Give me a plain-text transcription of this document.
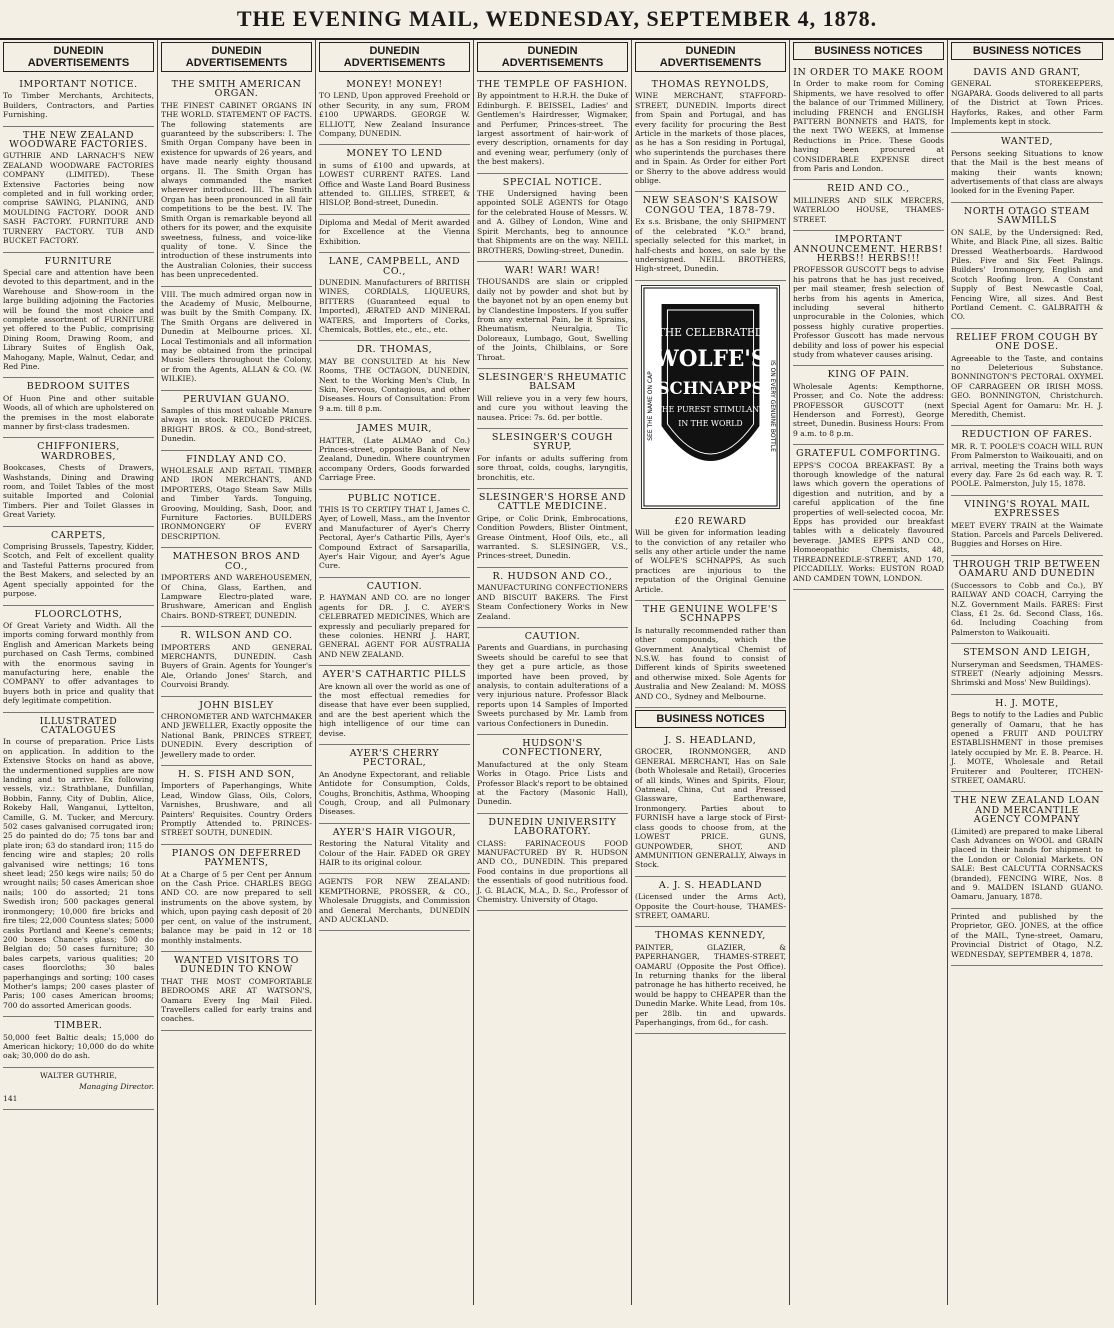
THE EVENING MAIL, WEDNESDAY, SEPTEMBER 4, 1878.
DUNEDIN ADVERTISEMENTS
IMPORTANT NOTICE.

To Timber Merchants, Architects, Builders, Contractors, and Parties Furnishing.

THE NEW ZEALAND WOODWARE FACTORIES.

GUTHRIE AND LARNACH'S NEW ZEALAND WOODWARE FACTORIES COMPANY (LIMITED). These Extensive Factories being now completed and in full working order, comprise SAWING, PLANING, AND MOULDING FACTORY. DOOR AND SASH FACTORY. FURNITURE AND TURNERY FACTORY. TUB AND BUCKET FACTORY.

FURNITURE

Special care and attention have been devoted to this department, and in the Warehouse and Show-room in the large building adjoining the Factories will be found the most choice and complete assortment of FURNITURE yet offered to the Public, comprising Dining Room, Drawing Room, and Library Suites of English Oak, Mahogany, Maple, Walnut, Cedar, and Red Pine.

BEDROOM SUITES

Of Huon Pine and other suitable Woods, all of which are upholstered on the premises in the most elaborate manner by first-class tradesmen.

CHIFFONIERS, WARDROBES,

Bookcases, Chests of Drawers, Washstands, Dining and Drawing room, and Toilet Tables of the most suitable Imported and Colonial Timbers. Pier and Toilet Glasses in Great Variety.

CARPETS,

Comprising Brussels, Tapestry, Kidder, Scotch, and Felt of excellent quality and Tasteful Patterns procured from the Best Makers, and selected by an Agent specially appointed for the purpose.

FLOORCLOTHS,

Of Great Variety and Width. All the imports coming forward monthly from English and American Markets being purchased on Cash Terms, combined with the enormous saving in manufacturing here, enable the COMPANY to offer advantages to buyers both in price and quality that defy legitimate competition.

ILLUSTRATED CATALOGUES

In course of preparation. Price Lists on application. In addition to the Extensive Stocks on hand as above, the undermentioned supplies are now landing and to arrive. Ex following vessels, viz.: Strathblane, Dunfillan, Bobbin, Fanny, City of Dublin, Alice, Rokeby Hall, Wanganui, Lyttelton, Camille, G. M. Tucker, and Mercury. 502 cases galvanised corrugated iron; 25 do painted do do; 75 tons bar and plate iron; 63 do standard iron; 115 do fencing wire and staples; 20 rolls galvanised wire nettings; 16 tons sheet lead; 250 kegs wire nails; 50 do wrought nails; 50 cases American shoe nails; 100 do assorted; 21 tons Swedish iron; 500 packages general ironmongery; 10,000 fire bricks and fire tiles; 22,000 Countess slates; 5000 casks Portland and Keene's cements; 200 boxes Chance's glass; 500 do Belgian do; 50 cases furniture; 30 bales carpets, various qualities; 20 cases floorcloths; 30 bales paperhangings and sorting; 100 cases Mother's lamps; 200 cases plaster of Paris; 100 cases American brooms; 700 do assorted American goods.

TIMBER.

50,000 feet Baltic deals; 15,000 do American hickory; 10,000 do do white oak; 30,000 do do ash.

WALTER GUTHRIE,

Managing Director.

141

DUNEDIN ADVERTISEMENTS
THE SMITH AMERICAN ORGAN.

THE FINEST CABINET ORGANS IN THE WORLD. STATEMENT OF FACTS. The following statements are guaranteed by the subscribers: I. The Smith Organ Company have been in existence for upwards of 26 years, and have made nearly eighty thousand organs. II. The Smith Organ has always commanded the market wherever introduced. III. The Smith Organ has been pronounced in all fair competitions to be the best. IV. The Smith Organ is remarkable beyond all others for its power, and the exquisite sweetness, fulness, and voice-like quality of tone. V. Since the introduction of these instruments into the Australian Colonies, their success has been unprecedented.

VIII. The much admired organ now in the Academy of Music, Melbourne, was built by the Smith Company. IX. The Smith Organs are delivered in Dunedin at Melbourne prices. XI. Local Testimonials and all information may be obtained from the principal Music Sellers throughout the Colony, or from the Agents, ALLAN & CO. (W. WILKIE).

PERUVIAN GUANO.

Samples of this most valuable Manure always in stock. REDUCED PRICES. BRIGHT BROS. & CO., Bond-street, Dunedin.

FINDLAY AND CO.

WHOLESALE AND RETAIL TIMBER AND IRON MERCHANTS, AND IMPORTERS, Otago Steam Saw Mills and Timber Yards. Tonguing, Grooving, Moulding, Sash, Door, and Furniture Factories. BUILDERS IRONMONGERY OF EVERY DESCRIPTION.

MATHESON BROS AND CO.,

IMPORTERS AND WAREHOUSEMEN, Of China, Glass, Earthen, and Lampware Electro-plated ware, Brushware, American and English Chairs. BOND-STREET, DUNEDIN.

R. WILSON AND CO.

IMPORTERS AND GENERAL MERCHANTS, DUNEDIN. Cash Buyers of Grain. Agents for Younger's Ale, Orlando Jones' Starch, and Courvoisi Brandy.

JOHN BISLEY

CHRONOMETER AND WATCHMAKER AND JEWELLER, Exactly opposite the National Bank, PRINCES STREET, DUNEDIN. Every description of Jewellery made to order.

H. S. FISH AND SON,

Importers of Paperhangings, White Lead, Window Glass, Oils, Colors, Varnishes, Brushware, and all Painters' Requisites. Country Orders Promptly Attended to. PRINCES-STREET SOUTH, DUNEDIN.

PIANOS ON DEFERRED PAYMENTS,

At a Charge of 5 per Cent per Annum on the Cash Price. CHARLES BEGG AND CO. are now prepared to sell instruments on the above system, by which, upon paying cash deposit of 20 per cent, on value of the instrument, balance may be paid in 12 or 18 monthly instalments.

WANTED VISITORS TO DUNEDIN TO KNOW

THAT THE MOST COMFORTABLE BEDROOMS ARE AT WATSON'S, Oamaru Every Ing Mail Filed. Travellers called for early trains and coaches.

DUNEDIN ADVERTISEMENTS
MONEY! MONEY!

TO LEND, Upon approved Freehold or other Security, in any sum, FROM £100 UPWARDS. GEORGE W. ELLIOTT, New Zealand Insurance Company, DUNEDIN.

MONEY TO LEND

in sums of £100 and upwards, at LOWEST CURRENT RATES. Land Office and Waste Land Board Business attended to. GILLIES, STREET, & HISLOP, Bond-street, Dunedin.

Diploma and Medal of Merit awarded for Excellence at the Vienna Exhibition.

LANE, CAMPBELL, AND CO.,

DUNEDIN. Manufacturers of BRITISH WINES, CORDIALS, LIQUEURS, BITTERS (Guaranteed equal to Imported), ÆRATED AND MINERAL WATERS, and Importers of Corks, Chemicals, Bottles, etc., etc., etc.

DR. THOMAS,

MAY BE CONSULTED At his New Rooms, THE OCTAGON, DUNEDIN, Next to the Working Men's Club, In Skin, Nervous, Contagious, and other Diseases. Hours of Consultation: From 9 a.m. till 8 p.m.

JAMES MUIR,

HATTER, (Late ALMAO and Co.) Princes-street, opposite Bank of New Zealand, Dunedin. Where countrymen accompany Orders, Goods forwarded Carriage Free.

PUBLIC NOTICE.

THIS IS TO CERTIFY THAT I, James C. Ayer, of Lowell, Mass., am the Inventor and Manufacturer of Ayer's Cherry Pectoral, Ayer's Cathartic Pills, Ayer's Compound Extract of Sarsaparilla, Ayer's Hair Vigour, and Ayer's Ague Cure.

CAUTION.

P. HAYMAN AND CO. are no longer agents for DR. J. C. AYER'S CELEBRATED MEDICINES, Which are expressly and peculiarly prepared for these colonies. HENRI J. HART, GENERAL AGENT FOR AUSTRALIA AND NEW ZEALAND.

AYER'S CATHARTIC PILLS

Are known all over the world as one of the most effectual remedies for disease that have ever been supplied, and are the best aperient which the high intelligence of our time can devise.

AYER'S CHERRY PECTORAL,

An Anodyne Expectorant, and reliable Antidote for Consumption, Colds, Coughs, Bronchitis, Asthma, Whooping Cough, Croup, and all Pulmonary Diseases.

AYER'S HAIR VIGOUR,

Restoring the Natural Vitality and Colour of the Hair. FADED OR GREY HAIR to its original colour.

AGENTS FOR NEW ZEALAND: KEMPTHORNE, PROSSER, & CO., Wholesale Druggists, and Commission and General Merchants, DUNEDIN AND AUCKLAND.

DUNEDIN ADVERTISEMENTS
THE TEMPLE OF FASHION.

By appointment to H.R.H. the Duke of Edinburgh. F. BEISSEL, Ladies' and Gentlemen's Hairdresser, Wigmaker, and Perfumer, Princes-street. The largest assortment of hair-work of every description, ornaments for day and evening wear, perfumery (only of the best makers).

SPECIAL NOTICE.

THE Undersigned having been appointed SOLE AGENTS for Otago for the celebrated House of Messrs. W. and A. Gilbey of London, Wine and Spirit Merchants, beg to announce that Shipments are on the way. NEILL BROTHERS, Dowling-street, Dunedin.

WAR! WAR! WAR!

THOUSANDS are slain or crippled daily not by powder and shot but by the bayonet not by an open enemy but by Clandestine Imposters. If you suffer from any external Pain, be it Sprains, Rheumatism, Neuralgia, Tic Doloreaux, Lumbago, Gout, Swelling of the Joints, Chilblains, or Sore Throat.

SLESINGER'S RHEUMATIC BALSAM

Will relieve you in a very few hours, and cure you without leaving the nausea. Price: 7s. 6d. per bottle.

SLESINGER'S COUGH SYRUP,

For infants or adults suffering from sore throat, colds, coughs, laryngitis, bronchitis, etc.

SLESINGER'S HORSE AND CATTLE MEDICINE.

Gripe, or Colic Drink, Embrocations, Condition Powders, Blister Ointment, Grease Ointment, Hoof Oils, etc., all warranted. S. SLESINGER, V.S., Princes-street, Dunedin.

R. HUDSON AND CO.,

MANUFACTURING CONFECTIONERS AND BISCUIT BAKERS. The First Steam Confectionery Works in New Zealand.

CAUTION.

Parents and Guardians, in purchasing Sweets should be careful to see that they get a pure article, as those imported have been proved, by analysis, to contain adulterations of a very injurious nature. Professor Black reports upon 14 Samples of Imported Sweets purchased by Mr. Lamb from various Confectioners in Dunedin.

HUDSON'S CONFECTIONERY,

Manufactured at the only Steam Works in Otago. Price Lists and Professor Black's report to be obtained at the Factory (Masonic Hall), Dunedin.

DUNEDIN UNIVERSITY LABORATORY.

CLASS: FARINACEOUS FOOD MANUFACTURED BY R. HUDSON AND CO., DUNEDIN. This prepared Food contains in due proportions all the essentials of good nutritious food. J. G. BLACK, M.A., D. Sc., Professor of Chemistry. University of Otago.

DUNEDIN ADVERTISEMENTS
THOMAS REYNOLDS,

WINE MERCHANT, STAFFORD-STREET, DUNEDIN. Imports direct from Spain and Portugal, and has every facility for procuring the Best Article in the markets of those places, as he has a Son residing in Portugal, who superintends the purchases there and in Spain. As Order for either Port or Sherry to the above address would oblige.

NEW SEASON'S KAISOW CONGOU TEA, 1878-79.

Ex s.s. Brisbane, the only SHIPMENT of the celebrated "K.O." brand, specially selected for this market, in half-chests and boxes, on sale by the undersigned. NEILL BROTHERS, High-street, Dunedin.

THE CELEBRATED
WOLFE'S
SCHNAPPS
THE PUREST STIMULANT
IN THE WORLD
SEE THE NAME ON CAP	IS ON EVERY GENUINE BOTTLE
£20 REWARD

Will be given for information leading to the conviction of any retailer who sells any other article under the name of WOLFE'S SCHNAPPS, As such practices are injurious to the reputation of the Original Genuine Article.

THE GENUINE WOLFE'S SCHNAPPS

Is naturally recommended rather than other compounds, which the Government Analytical Chemist of N.S.W. has found to consist of Different kinds of Spirits sweetened and otherwise mixed. Sole Agents for Australia and New Zealand: M. MOSS AND CO., Sydney and Melbourne.

BUSINESS NOTICES
J. S. HEADLAND,

GROCER, IRONMONGER, AND GENERAL MERCHANT, Has on Sale (both Wholesale and Retail), Groceries of all kinds, Wines and Spirits, Flour, Oatmeal, China, Cut and Pressed Glassware, Earthenware, Ironmongery. Parties about to FURNISH have a large stock of First-class goods to choose from, at the LOWEST PRICE. GUNS, GUNPOWDER, SHOT, AND AMMUNITION GENERALLY, Always in Stock.

A. J. S. HEADLAND

(Licensed under the Arms Act), Opposite the Court-house, THAMES-STREET, OAMARU.

THOMAS KENNEDY,

PAINTER, GLAZIER, & PAPERHANGER, THAMES-STREET, OAMARU (Opposite the Post Office). In returning thanks for the liberal patronage he has hitherto received, he would be happy to CHEAPER than the Dunedin Marke. White Lead, from 10s. per 28lb. tin and upwards. Paperhangings, from 6d., for cash.

BUSINESS NOTICES
IN ORDER TO MAKE ROOM

In Order to make room for Coming Shipments, we have resolved to offer the balance of our Trimmed Millinery, including FRENCH and ENGLISH PATTERN BONNETS and HATS, for the next TWO WEEKS, at Immense Reductions in Price. These Goods having been procured at CONSIDERABLE EXPENSE direct from Paris and London.

REID AND CO.,

MILLINERS AND SILK MERCERS, WATERLOO HOUSE, THAMES-STREET.

IMPORTANT ANNOUNCEMENT. HERBS! HERBS!! HERBS!!!

PROFESSOR GUSCOTT begs to advise his patrons that he has just received, per mail steamer, fresh selection of herbs from his agents in America, including several hitherto unprocurable in the Colonies, which possess highly curative properties. Professor Guscott has made nervous debility and loss of power his especial study from whatever causes arising.

KING OF PAIN.

Wholesale Agents: Kempthorne, Prosser, and Co. Note the address: PROFESSOR GUSCOTT (next Henderson and Forrest), George street, Dunedin. Business Hours: From 9 a.m. to 8 p.m.

GRATEFUL COMFORTING.

EPPS'S COCOA BREAKFAST. By a thorough knowledge of the natural laws which govern the operations of digestion and nutrition, and by a careful application of the fine properties of well-selected cocoa, Mr. Epps has provided our breakfast tables with a delicately flavoured beverage. JAMES EPPS AND CO., Homoeopathic Chemists, 48, THREADNEEDLE-STREET, AND 170, PICCADILLY. Works: EUSTON ROAD AND CAMDEN TOWN, LONDON.

BUSINESS NOTICES
DAVIS AND GRANT,

GENERAL STOREKEEPERS, NGAPARA. Goods delivered to all parts of the District at Town Prices. Hayforks, Rakes, and other Farm Implements kept in stock.

WANTED,

Persons seeking Situations to know that the Mail is the best means of making their wants known; advertisements of that class are always looked for in the Evening Paper.

NORTH OTAGO STEAM SAWMILLS

ON SALE, by the Undersigned: Red, White, and Black Pine, all sizes. Baltic Dressed Weatherboards. Hardwood Piles. Five and Six Feet Palings. Builders' Ironmongery, English and Scotch Roofing Iron. A Constant Supply of Best Newcastle Coal, Fencing Wire, all sizes. And Best Portland Cement. C. GALBRAITH & CO.

RELIEF FROM COUGH BY ONE DOSE.

Agreeable to the Taste, and contains no Deleterious Substance. BONNINGTON'S PECTORAL OXYMEL OF CARRAGEEN OR IRISH MOSS. GEO. BONNINGTON, Christchurch. Special Agent for Oamaru: Mr. H. J. Meredith, Chemist.

REDUCTION OF FARES.

MR. R. T. POOLE'S COACH WILL RUN From Palmerston to Waikouaiti, and on arrival, meeting the Trains both ways every day. Fare 2s 6d each way. R. T. POOLE. Palmerston, July 15, 1878.

VINING'S ROYAL MAIL EXPRESSES

MEET EVERY TRAIN at the Waimate Station. Parcels and Parcels Delivered. Buggies and Horses on Hire.

THROUGH TRIP BETWEEN OAMARU AND DUNEDIN

(Successors to Cobb and Co.), BY RAILWAY AND COACH, Carrying the N.Z. Government Mails. FARES: First Class, £1 2s. 6d. Second Class, 16s. 6d. Including Coaching from Palmerston to Waikouaiti.

STEMSON AND LEIGH,

Nurseryman and Seedsmen, THAMES-STREET (Nearly adjoining Messrs. Shrimski and Moss' New Buildings).

H. J. MOTE,

Begs to notify to the Ladies and Public generally of Oamaru, that he has opened a FRUIT AND POULTRY ESTABLISHMENT in those premises lately occupied by Mr. E. B. Pearce. H. J. MOTE, Wholesale and Retail Fruiterer and Poulterer, ITCHEN-STREET, OAMARU.

THE NEW ZEALAND LOAN AND MERCANTILE AGENCY COMPANY

(Limited) are prepared to make Liberal Cash Advances on WOOL and GRAIN placed in their hands for shipment to the London or Colonial Markets. ON SALE: Best CALCUTTA CORNSACKS (branded), FENCING WIRE, Nos. 8 and 9. MALDEN ISLAND GUANO. Oamaru, January, 1878.

Printed and published by the Proprietor, GEO. JONES, at the office of the MAIL, Tyne-street, Oamaru, Provincial District of Otago, N.Z. WEDNESDAY, SEPTEMBER 4, 1878.
